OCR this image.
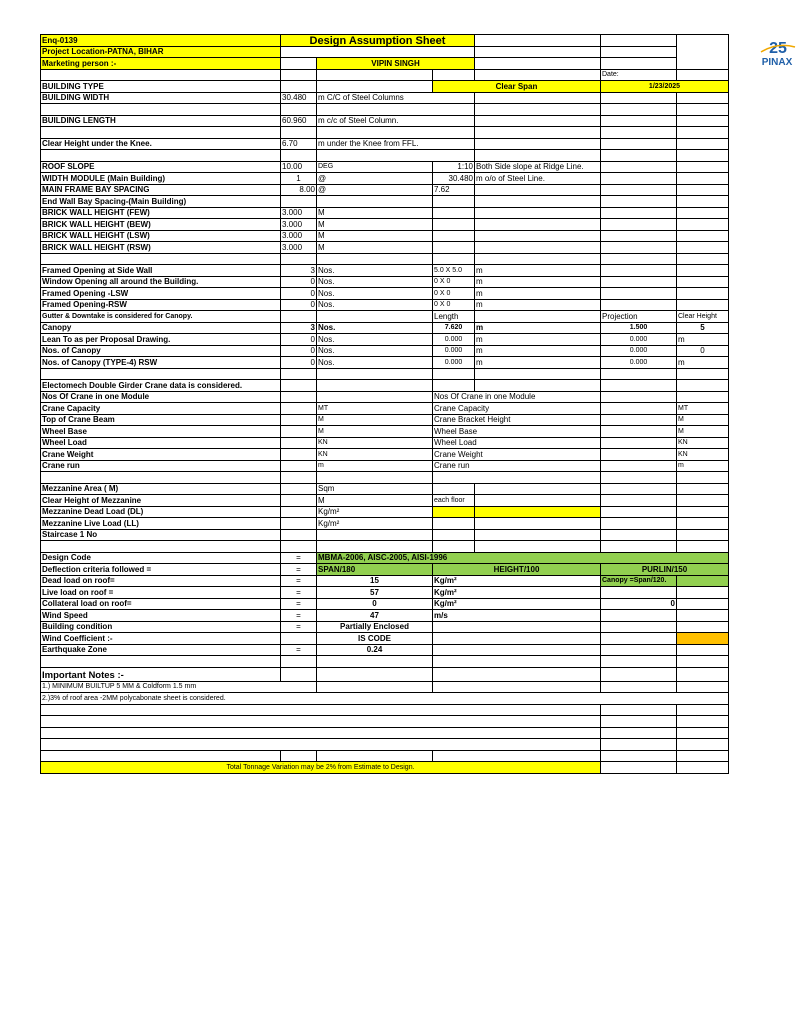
Enq-0139	Design Assumption Sheet					25
PINAX

Project Location-PATNA, BIHAR						
Marketing person :-		VIPIN SINGH				
					Date:	
BUILDING TYPE			Clear Span		1/23/2025	
BUILDING WIDTH	30.480	m C/C of Steel Columns				

BUILDING LENGTH	60.960	m c/c of Steel Column.				

Clear Height under the Knee.	6.70	m under the Knee from FFL.				

ROOF SLOPE	10.00	DEG	1:10	Both Side slope at Ridge Line.		
WIDTH MODULE (Main Building)	1	@	30.480	m o/o of Steel Line.		
MAIN FRAME BAY SPACING	8.00	@	7.62			
End Wall Bay Spacing-(Main Building)						
BRICK WALL HEIGHT (FEW)	3.000	M				
BRICK WALL HEIGHT (BEW)	3.000	M				
BRICK WALL HEIGHT (LSW)	3.000	M				
BRICK WALL HEIGHT (RSW)	3.000	M				

Framed Opening at Side Wall	3	Nos.	5.0 X 5.0	m		
Window Opening all around the Building.	0	Nos.	0 X 0	m		
Framed Opening -LSW	0	Nos.	0 X 0	m		
Framed Opening-RSW	0	Nos.	0 X 0	m		
Gutter & Downtake is considered for Canopy.			Length		Projection	Clear Height
Canopy	3	Nos.	7.620	m	1.500	5
Lean To as per Proposal Drawing.	0	Nos.	0.000	m	0.000	m
Nos. of Canopy	0	Nos.	0.000	m	0.000	0
Nos. of Canopy (TYPE-4) RSW	0	Nos.	0.000	m	0.000	m

Electomech Double Girder Crane data is considered.						
Nos Of Crane in one Module			Nos Of Crane in one Module			
Crane Capacity		MT	Crane Capacity			MT
Top of Crane Beam		M	Crane Bracket Height			M
Wheel Base		M	Wheel Base			M
Wheel Load		KN	Wheel Load			KN
Crane Weight		KN	Crane Weight			KN
Crane run		m	Crane run			m

Mezzanine Area ( M)		Sqm				
Clear Height of Mezzanine		M	each floor			
Mezzanine Dead Load (DL)		Kg/m²				
Mezzanine Live Load (LL)		Kg/m²				
Staircase 1 No						

Design Code	=	MBMA-2006, AISC-2005, AISI-1996				
Deflection criteria followed =	=	SPAN/180	HEIGHT/100		PURLIN/150	
Dead load on roof=	=	15	Kg/m²		Canopy =Span/120.	
Live load on roof =	=	57	Kg/m²			
Collateral load on roof=	=	0	Kg/m²		0	
Wind Speed	=	47	m/s			
Building condition	=	Partially Enclosed				
Wind Coefficient :-		IS CODE				
Earthquake Zone	=	0.24				

Important Notes :-						
1.) MINIMUM BUILTUP 5 MM & Coldform 1.5 mm						
2.)3% of roof area -2MM polycabonate sheet is considered.						

Total Tonnage Variation may be 2% from Estimate to Design.						
